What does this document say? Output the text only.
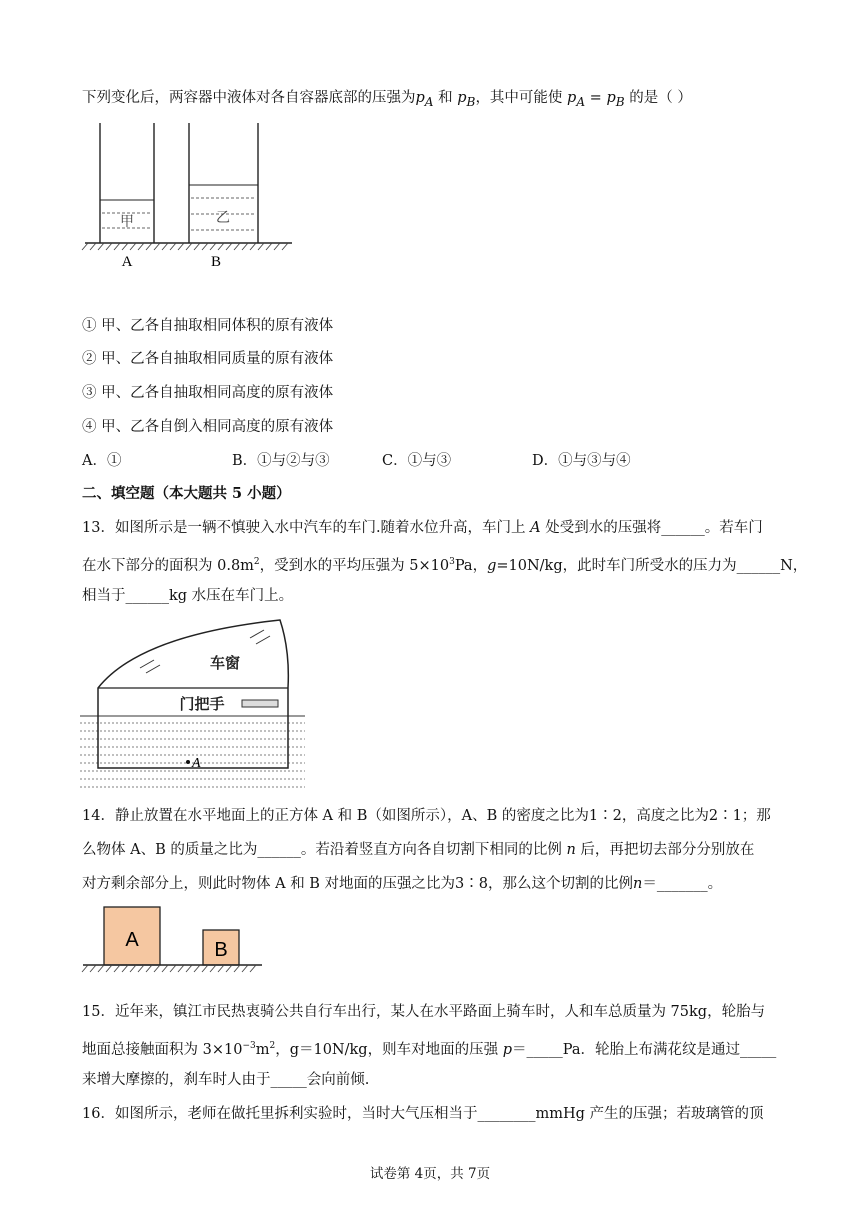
下列变化后，两容器中液体对各自容器底部的压强为$p_A$ 和 $p_B$，其中可能使 $p_A = p_B$ 的是（ ）
甲	乙
A	B
① 甲、乙各自抽取相同体积的原有液体
② 甲、乙各自抽取相同质量的原有液体
③ 甲、乙各自抽取相同高度的原有液体
④ 甲、乙各自倒入相同高度的原有液体
A．①	B．①与②与③	C．①与③	D．①与③与④
二、填空题（本大题共 5 小题）
13．如图所示是一辆不慎驶入水中汽车的车门.随着水位升高，车门上 A 处受到水的压强将______。若车门
在水下部分的面积为 $0.8m^2$，受到水的平均压强为 $5\times 10^3Pa$，g=10N/kg，此时车门所受水的压力为______N，
相当于______kg 水压在车门上。
车窗
门把手
A
14．静止放置在水平地面上的正方体 A 和 B（如图所示），A、B 的密度之比为1∶2，高度之比为2∶1；那
么物体 A、B 的质量之比为______。若沿着竖直方向各自切割下相同的比例 n 后，再把切去部分分别放在
对方剩余部分上，则此时物体 A 和 B 对地面的压强之比为3∶8，那么这个切割的比例n＝_______。
A	B
15．近年来，镇江市民热衷骑公共自行车出行，某人在水平路面上骑车时，人和车总质量为 75kg，轮胎与
地面总接触面积为 $3\times 10^{-3}m^2$，g＝10N/kg，则车对地面的压强 p＝_____Pa．轮胎上布满花纹是通过_____
来增大摩擦的，刹车时人由于_____会向前倾.
16．如图所示，老师在做托里拆利实验时，当时大气压相当于________mmHg 产生的压强；若玻璃管的顶
试卷第 4页，共 7页
